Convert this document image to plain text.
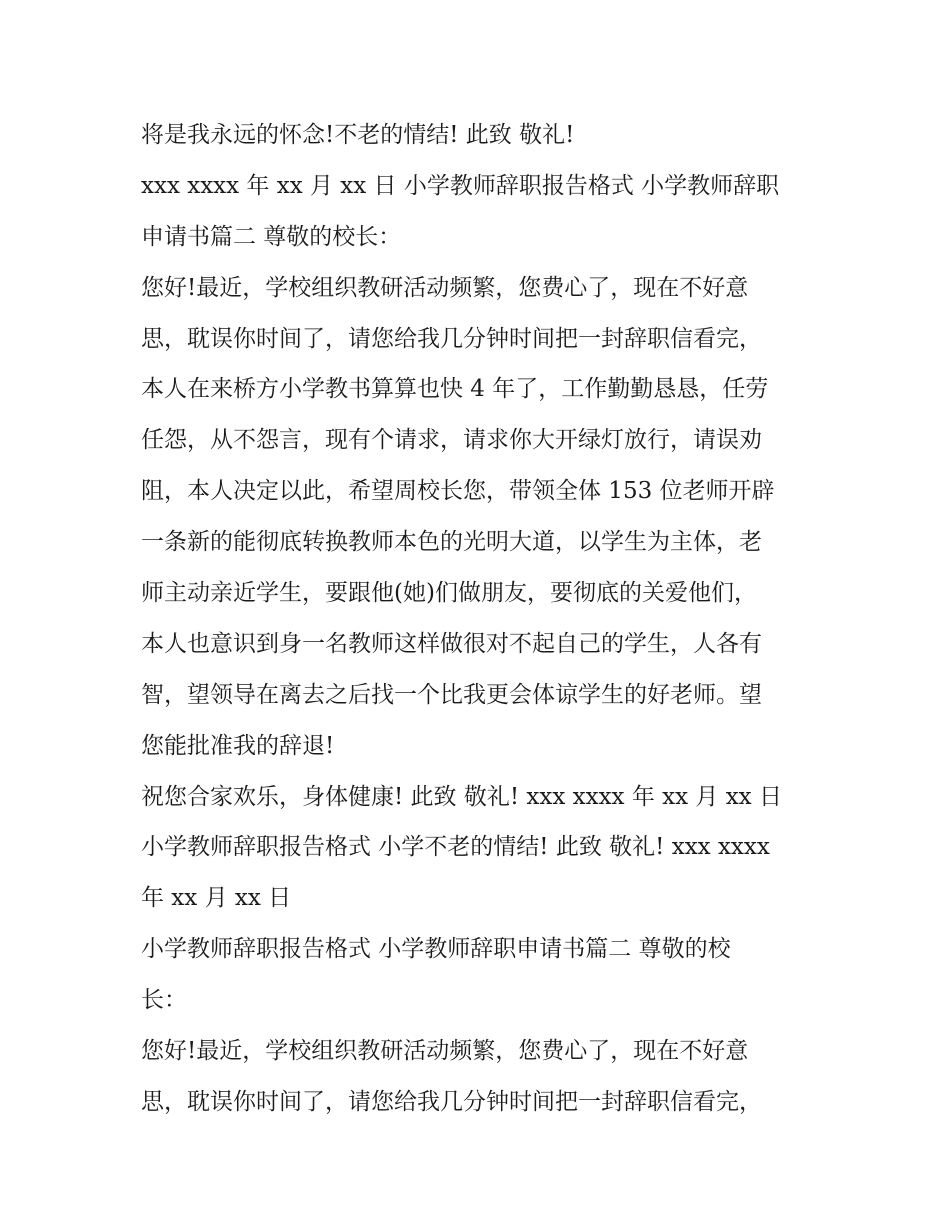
将是我永远的怀念!不老的情结! 此致 敬礼!
xxx xxxx 年 xx 月 xx 日 小学教师辞职报告格式 小学教师辞职
申请书篇二 尊敬的校长：
您好!最近，学校组织教研活动频繁，您费心了，现在不好意
思，耽误你时间了，请您给我几分钟时间把一封辞职信看完，
本人在来桥方小学教书算算也快 4 年了，工作勤勤恳恳，任劳
任怨，从不怨言，现有个请求，请求你大开绿灯放行，请误劝
阻，本人决定以此，希望周校长您，带领全体 153 位老师开辟
一条新的能彻底转换教师本色的光明大道，以学生为主体，老
师主动亲近学生，要跟他(她)们做朋友，要彻底的关爱他们，
本人也意识到身一名教师这样做很对不起自己的学生，人各有
智，望领导在离去之后找一个比我更会体谅学生的好老师。望
您能批准我的辞退!
祝您合家欢乐，身体健康! 此致 敬礼! xxx xxxx 年 xx 月 xx 日
小学教师辞职报告格式 小学不老的情结! 此致 敬礼! xxx xxxx
年 xx 月 xx 日
小学教师辞职报告格式 小学教师辞职申请书篇二 尊敬的校
长：
您好!最近，学校组织教研活动频繁，您费心了，现在不好意
思，耽误你时间了，请您给我几分钟时间把一封辞职信看完，
